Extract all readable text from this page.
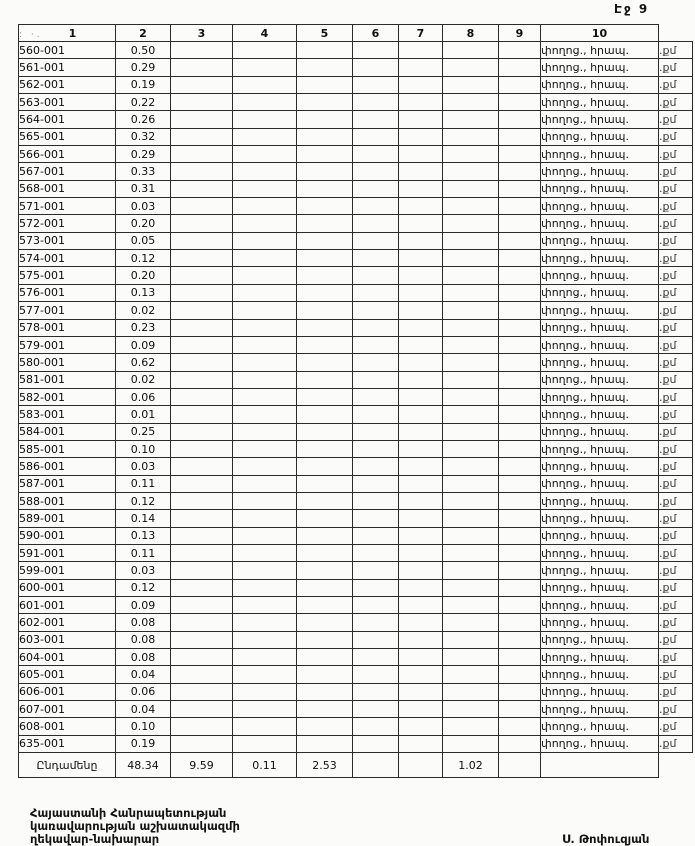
Էջ 9
: ·. 1	2	3	4	5	6	7	8	9	10	
560-001	0.50								փողոց., հրապ.	.քմ
561-001	0.29								փողոց., հրապ.	.քմ
562-001	0.19								փողոց., հրապ.	.քմ
563-001	0.22								փողոց., հրապ.	.քմ
564-001	0.26								փողոց., հրապ.	.քմ
565-001	0.32								փողոց., հրապ.	.քմ
566-001	0.29								փողոց., հրապ.	.քմ
567-001	0.33								փողոց., հրապ.	.քմ
568-001	0.31								փողոց., հրապ.	.քմ
571-001	0.03								փողոց., հրապ.	.քմ
572-001	0.20								փողոց., հրապ.	.քմ
573-001	0.05								փողոց., հրապ.	.քմ
574-001	0.12								փողոց., հրապ.	.քմ
575-001	0.20								փողոց., հրապ.	.քմ
576-001	0.13								փողոց., հրապ.	.քմ
577-001	0.02								փողոց., հրապ.	.քմ
578-001	0.23								փողոց., հրապ.	.քմ
579-001	0.09								փողոց., հրապ.	.քմ
580-001	0.62								փողոց., հրապ.	.քմ
581-001	0.02								փողոց., հրապ.	.քմ
582-001	0.06								փողոց., հրապ.	.քմ
583-001	0.01								փողոց., հրապ.	.քմ
584-001	0.25								փողոց., հրապ.	.քմ
585-001	0.10								փողոց., հրապ.	.քմ
586-001	0.03								փողոց., հրապ.	.քմ
587-001	0.11								փողոց., հրապ.	.քմ
588-001	0.12								փողոց., հրապ.	.քմ
589-001	0.14								փողոց., հրապ.	.քմ
590-001	0.13								փողոց., հրապ.	.քմ
591-001	0.11								փողոց., հրապ.	.քմ
599-001	0.03								փողոց., հրապ.	.քմ
600-001	0.12								փողոց., հրապ.	.քմ
601-001	0.09								փողոց., հրապ.	.քմ
602-001	0.08								փողոց., հրապ.	.քմ
603-001	0.08								փողոց., հրապ.	.քմ
604-001	0.08								փողոց., հրապ.	.քմ
605-001	0.04								փողոց., հրապ.	.քմ
606-001	0.06								փողոց., հրապ.	.քմ
607-001	0.04								փողոց., հրապ.	.քմ
608-001	0.10								փողոց., հրապ.	.քմ
635-001	0.19								փողոց., հրապ.	.քմ
Ընդամենը	48.34	9.59	0.11	2.53			1.02			
Հայաստանի Հանրապետության
կառավարության աշխատակազմի
ղեկավար-նախարար	Ս. Թոփուզյան
